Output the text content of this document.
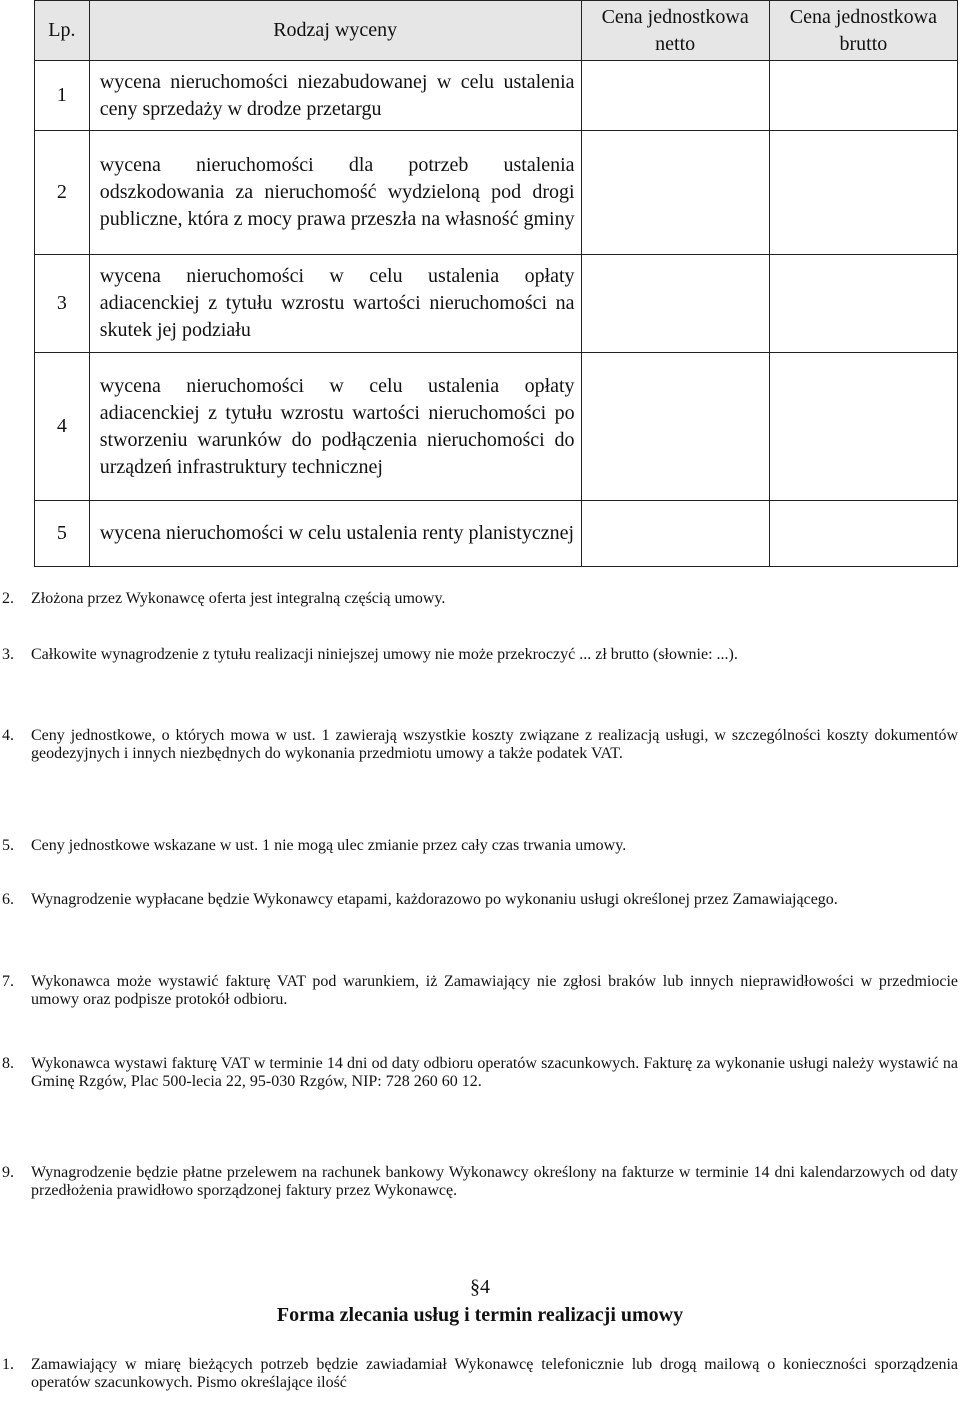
Lp.	Rodzaj wyceny	Cena jednostkowa netto	Cena jednostkowa brutto
1	wycena nieruchomości niezabudowanej w celu ustalenia ceny sprzedaży w drodze przetargu		
2	wycena nieruchomości dla potrzeb ustalenia odszkodowania za nieruchomość wydzieloną pod drogi publiczne, która z mocy prawa przeszła na własność gminy		
3	wycena nieruchomości w celu ustalenia opłaty adiacenckiej z tytułu wzrostu wartości nieruchomości na skutek jej podziału		
4	wycena nieruchomości w celu ustalenia opłaty adiacenckiej z tytułu wzrostu wartości nieruchomości po stworzeniu warunków do podłączenia nieruchomości do urządzeń infrastruktury technicznej		
5	wycena nieruchomości w celu ustalenia renty planistycznej		
2. Złożona przez Wykonawcę oferta jest integralną częścią umowy.
3. Całkowite wynagrodzenie z tytułu realizacji niniejszej umowy nie może przekroczyć ... zł brutto (słownie: ...).
4. Ceny jednostkowe, o których mowa w ust. 1 zawierają wszystkie koszty związane z realizacją usługi, w szczególności koszty dokumentów geodezyjnych i innych niezbędnych do wykonania przedmiotu umowy a także podatek VAT.
5. Ceny jednostkowe wskazane w ust. 1 nie mogą ulec zmianie przez cały czas trwania umowy.
6. Wynagrodzenie wypłacane będzie Wykonawcy etapami, każdorazowo po wykonaniu usługi określonej przez Zamawiającego.
7. Wykonawca może wystawić fakturę VAT pod warunkiem, iż Zamawiający nie zgłosi braków lub innych nieprawidłowości w przedmiocie umowy oraz podpisze protokół odbioru.
8. Wykonawca wystawi fakturę VAT w terminie 14 dni od daty odbioru operatów szacunkowych. Fakturę za wykonanie usługi należy wystawić na Gminę Rzgów, Plac 500-lecia 22, 95-030 Rzgów, NIP: 728 260 60 12.
9. Wynagrodzenie będzie płatne przelewem na rachunek bankowy Wykonawcy określony na fakturze w terminie 14 dni kalendarzowych od daty przedłożenia prawidłowo sporządzonej faktury przez Wykonawcę.
§4
Forma zlecania usług i termin realizacji umowy
1. Zamawiający w miarę bieżących potrzeb będzie zawiadamiał Wykonawcę telefonicznie lub drogą mailową o konieczności sporządzenia operatów szacunkowych. Pismo określające ilość
